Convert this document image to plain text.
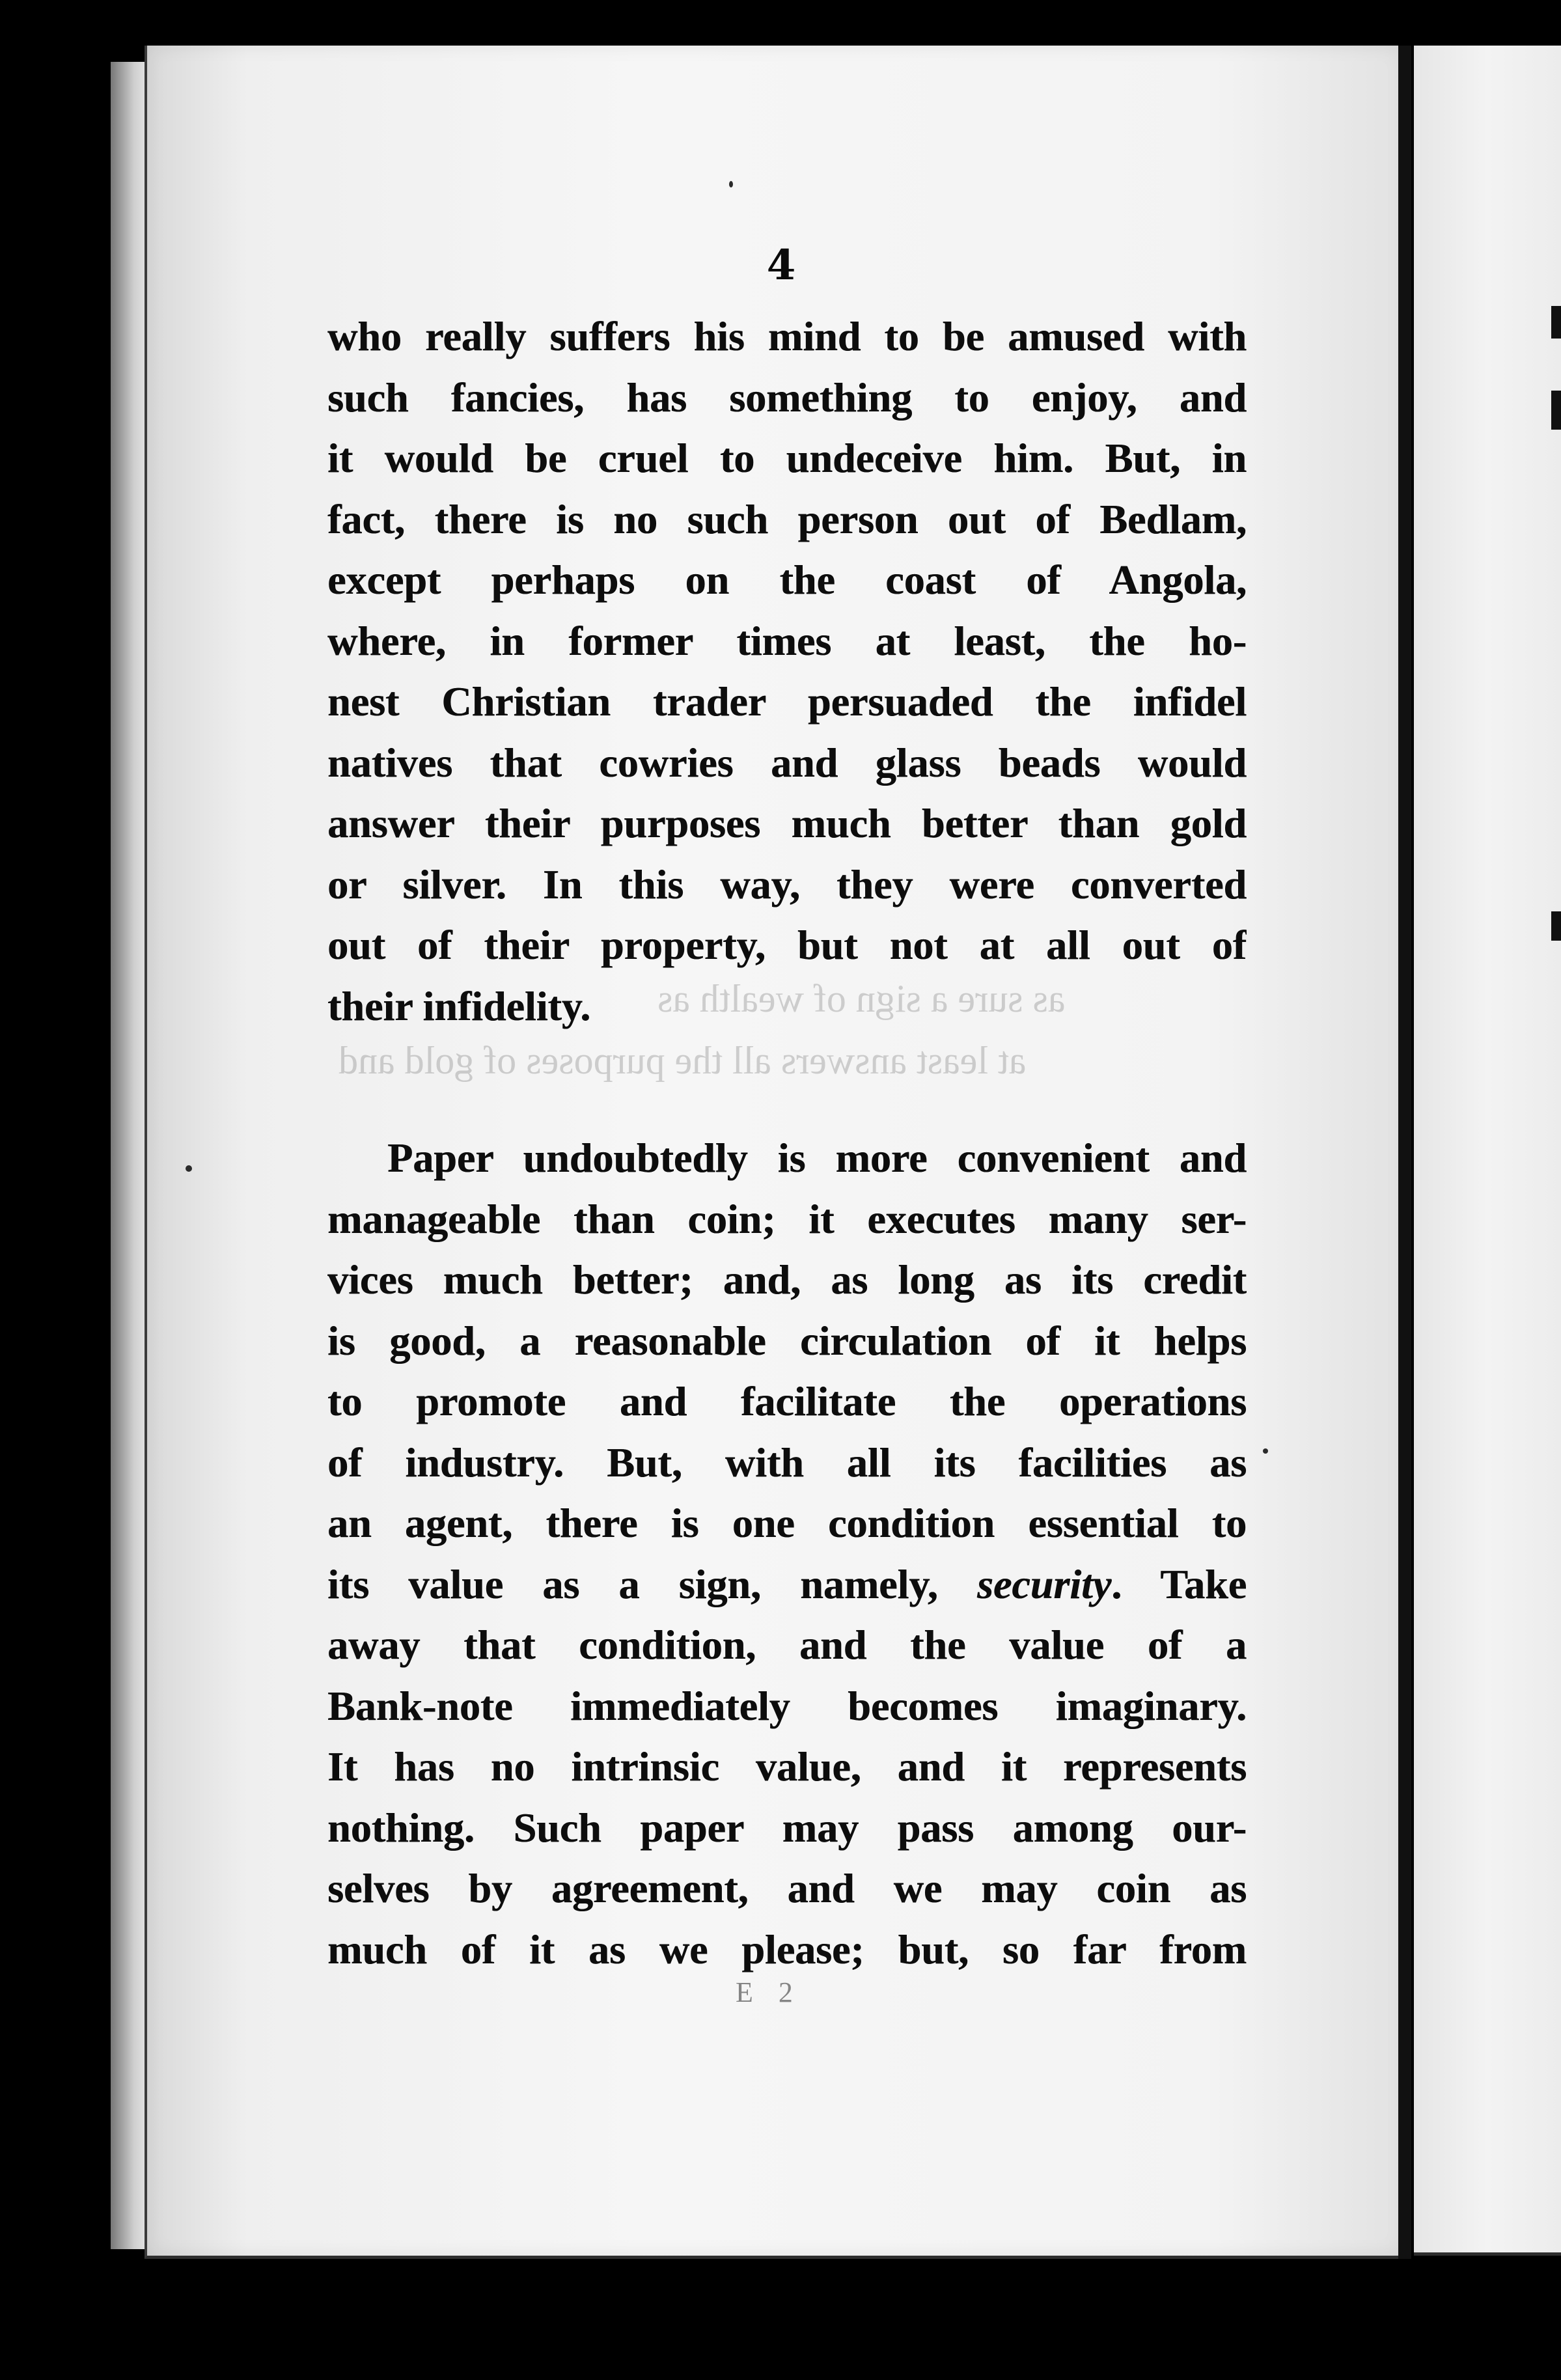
as sure a sign of wealth as
at least answers all the purposes of gold and
4
who really suffers his mind to be amused with
such fancies, has something to enjoy, and
it would be cruel to undeceive him. But, in
fact, there is no such person out of Bedlam,
except perhaps on the coast of Angola,
where, in former times at least, the ho-
nest Christian trader persuaded the infidel
natives that cowries and glass beads would
answer their purposes much better than gold
or silver. In this way, they were converted
out of their property, but not at all out of
their infidelity.
Paper undoubtedly is more convenient and
manageable than coin; it executes many ser-
vices much better; and, as long as its credit
is good, a reasonable circulation of it helps
to promote and facilitate the operations
of industry. But, with all its facilities as
an agent, there is one condition essential to
its value as a sign, namely, security. Take
away that condition, and the value of a
Bank-note immediately becomes imaginary.
It has no intrinsic value, and it represents
nothing. Such paper may pass among our-
selves by agreement, and we may coin as
much of it as we please; but, so far from
E 2
